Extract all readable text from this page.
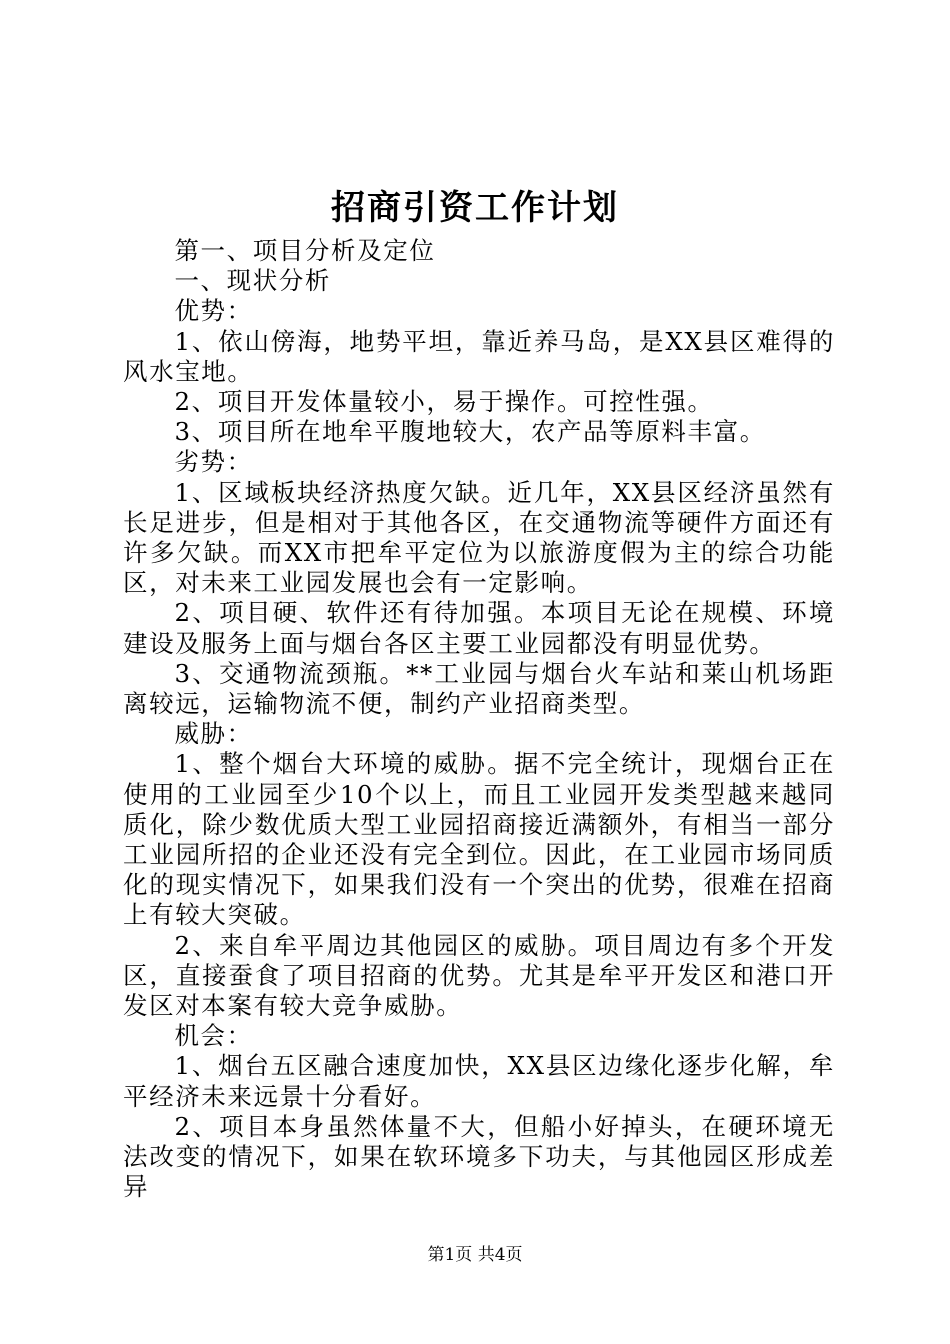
招商引资工作计划

第一、项目分析及定位

一、现状分析

优势：

1、依山傍海，地势平坦，靠近养马岛，是XX县区难得的风水宝地。

2、项目开发体量较小，易于操作。可控性强。

3、项目所在地牟平腹地较大，农产品等原料丰富。

劣势：

1、区域板块经济热度欠缺。近几年，XX县区经济虽然有长足进步，但是相对于其他各区，在交通物流等硬件方面还有许多欠缺。而XX市把牟平定位为以旅游度假为主的综合功能区，对未来工业园发展也会有一定影响。

2、项目硬、软件还有待加强。本项目无论在规模、环境建设及服务上面与烟台各区主要工业园都没有明显优势。

3、交通物流颈瓶。**工业园与烟台火车站和莱山机场距离较远，运输物流不便，制约产业招商类型。

威胁：

1、整个烟台大环境的威胁。据不完全统计，现烟台正在使用的工业园至少10个以上，而且工业园开发类型越来越同质化，除少数优质大型工业园招商接近满额外，有相当一部分工业园所招的企业还没有完全到位。因此，在工业园市场同质化的现实情况下，如果我们没有一个突出的优势，很难在招商上有较大突破。

2、来自牟平周边其他园区的威胁。项目周边有多个开发区，直接蚕食了项目招商的优势。尤其是牟平开发区和港口开发区对本案有较大竞争威胁。

机会：

1、烟台五区融合速度加快，XX县区边缘化逐步化解，牟平经济未来远景十分看好。

2、项目本身虽然体量不大，但船小好掉头，在硬环境无法改变的情况下，如果在软环境多下功夫，与其他园区形成差异

第1页 共4页
